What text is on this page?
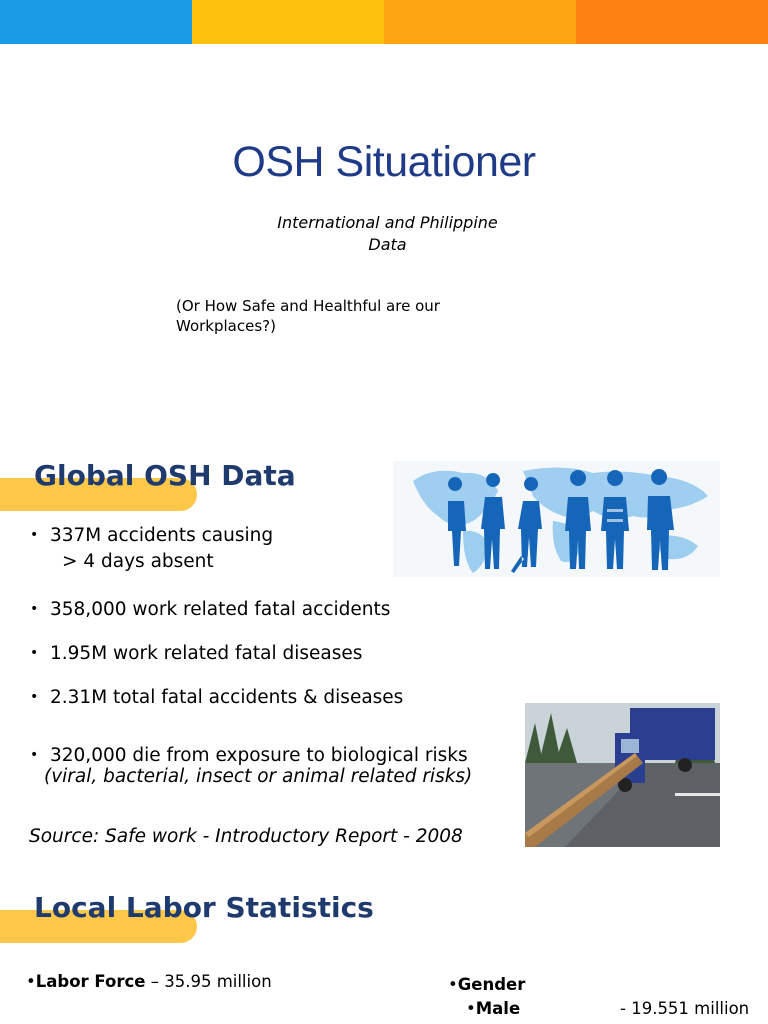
OSH Situationer
International and Philippine
Data
(Or How Safe and Healthful are our
Workplaces?)
Global OSH Data
• 337M accidents causing
> 4 days absent
• 358,000 work related fatal accidents
• 1.95M work related fatal diseases
• 2.31M total fatal accidents & diseases
• 320,000 die from exposure to biological risks
(viral, bacterial, insect or animal related risks)
Source: Safe work - Introductory Report - 2008
Local Labor Statistics
•Labor Force – 35.95 million	•Gender
•Male	- 19.551 million
